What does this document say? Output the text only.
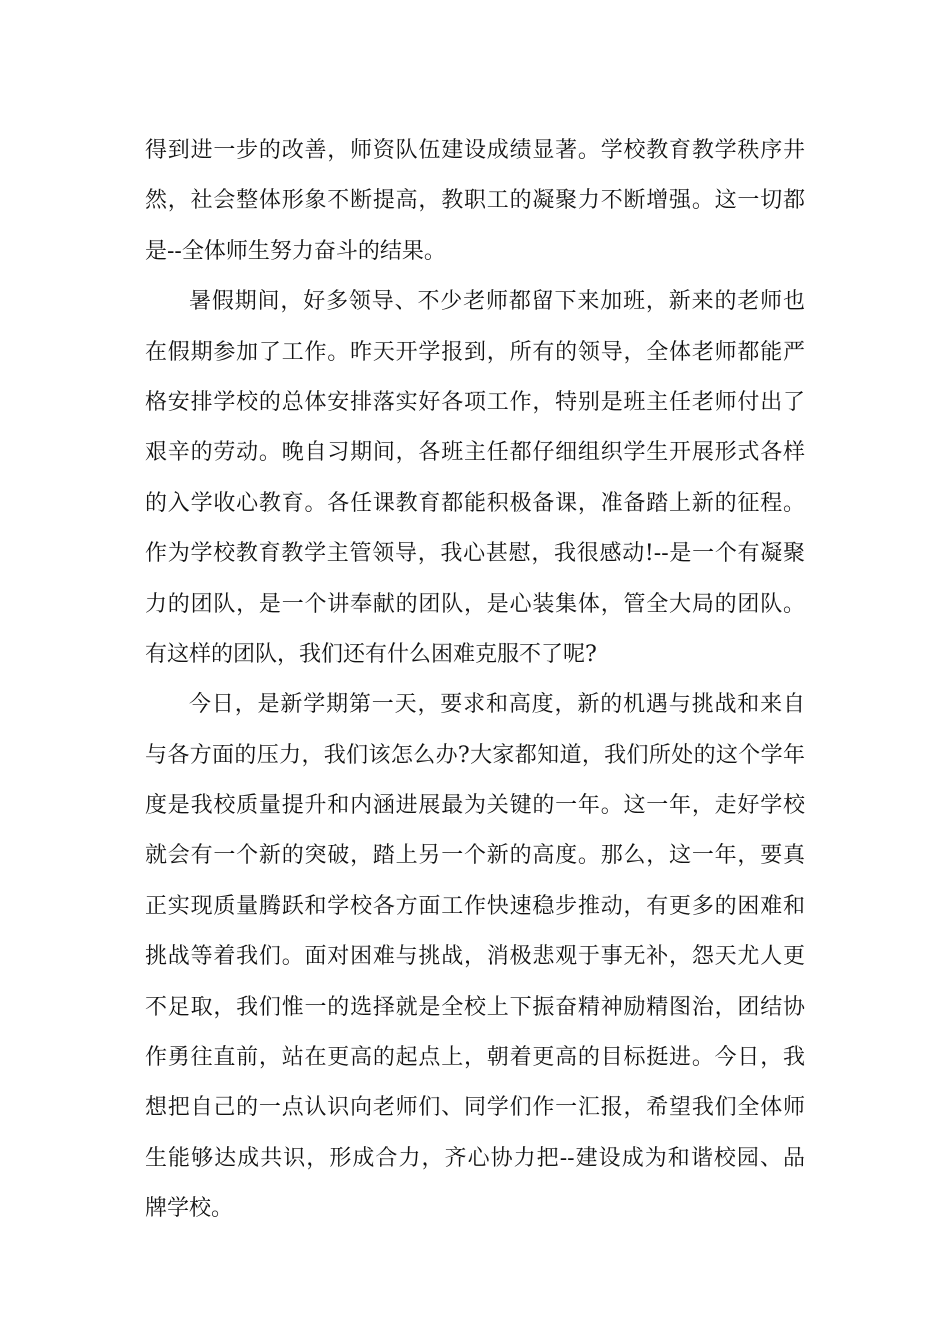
得到进一步的改善，师资队伍建设成绩显著。学校教育教学秩序井
然，社会整体形象不断提高，教职工的凝聚力不断增强。这一切都
是--全体师生努力奋斗的结果。
暑假期间，好多领导、不少老师都留下来加班，新来的老师也
在假期参加了工作。昨天开学报到，所有的领导，全体老师都能严
格安排学校的总体安排落实好各项工作，特别是班主任老师付出了
艰辛的劳动。晚自习期间，各班主任都仔细组织学生开展形式各样
的入学收心教育。各任课教育都能积极备课，准备踏上新的征程。
作为学校教育教学主管领导，我心甚慰，我很感动!--是一个有凝聚
力的团队，是一个讲奉献的团队，是心装集体，管全大局的团队。
有这样的团队，我们还有什么困难克服不了呢?
今日，是新学期第一天，要求和高度，新的机遇与挑战和来自
与各方面的压力，我们该怎么办?大家都知道，我们所处的这个学年
度是我校质量提升和内涵进展最为关键的一年。这一年，走好学校
就会有一个新的突破，踏上另一个新的高度。那么，这一年，要真
正实现质量腾跃和学校各方面工作快速稳步推动，有更多的困难和
挑战等着我们。面对困难与挑战，消极悲观于事无补，怨天尤人更
不足取，我们惟一的选择就是全校上下振奋精神励精图治，团结协
作勇往直前，站在更高的起点上，朝着更高的目标挺进。今日，我
想把自己的一点认识向老师们、同学们作一汇报，希望我们全体师
生能够达成共识，形成合力，齐心协力把--建设成为和谐校园、品
牌学校。
